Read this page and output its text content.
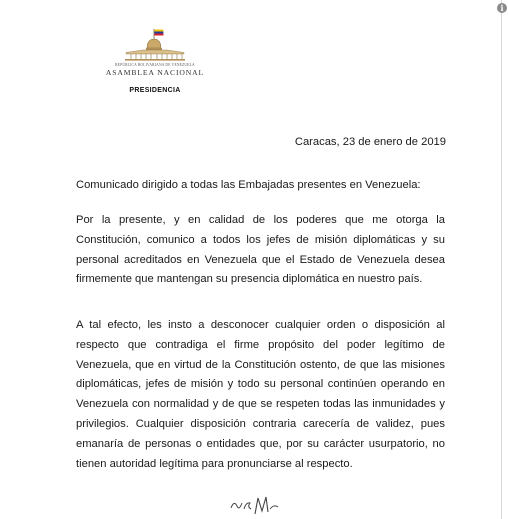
i
REPÚBLICA BOLIVARIANA DE VENEZUELA
ASAMBLEA NACIONAL
PRESIDENCIA
Caracas, 23 de enero de 2019
Comunicado dirigido a todas las Embajadas presentes en Venezuela:
Por la presente, y en calidad de los poderes que me otorga la Constitución, comunico a todos los jefes de misión diplomáticas y su personal acreditados en Venezuela que el Estado de Venezuela desea firmemente que mantengan su presencia diplomática en nuestro país.
A tal efecto, les insto a desconocer cualquier orden o disposición al respecto que contradiga el firme propósito del poder legítimo de Venezuela, que en virtud de la Constitución ostento, de que las misiones diplomáticas, jefes de misión y todo su personal continúen operando en Venezuela con normalidad y de que se respeten todas las inmunidades y privilegios. Cualquier disposición contraria carecería de validez, pues emanaría de personas o entidades que, por su carácter usurpatorio, no tienen autoridad legítima para pronunciarse al respecto.
